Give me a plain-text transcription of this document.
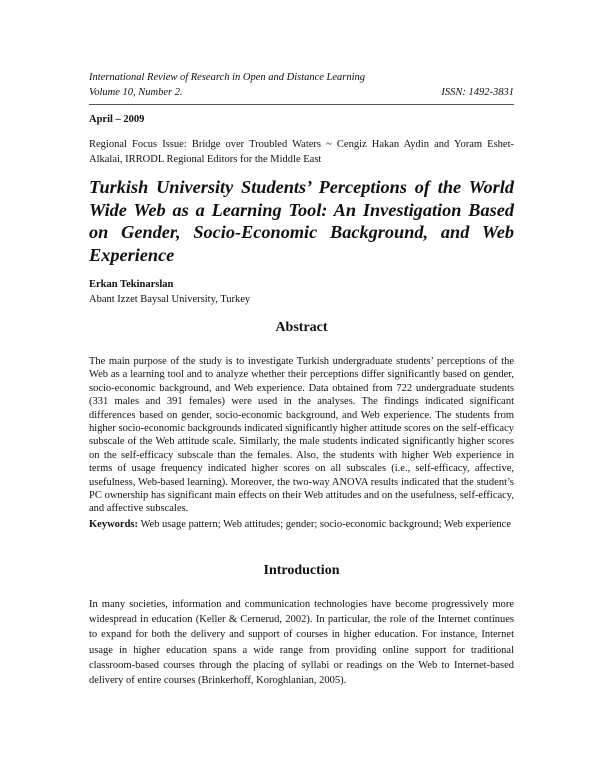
International Review of Research in Open and Distance Learning
Volume 10, Number 2.	ISSN: 1492-3831
April – 2009
Regional Focus Issue: Bridge over Troubled Waters ~ Cengiz Hakan Aydin and Yoram Eshet-Alkalai, IRRODL Regional Editors for the Middle East
Turkish University Students’ Perceptions of the World Wide Web as a Learning Tool: An Investigation Based on Gender, Socio-Economic Background, and Web Experience
Erkan Tekinarslan
Abant Izzet Baysal University, Turkey
Abstract

The main purpose of the study is to investigate Turkish undergraduate students’ perceptions of the Web as a learning tool and to analyze whether their perceptions differ significantly based on gender, socio-economic background, and Web experience. Data obtained from 722 undergraduate students (331 males and 391 females) were used in the analyses. The findings indicated significant differences based on gender, socio-economic background, and Web experience. The students from higher socio-economic backgrounds indicated significantly higher attitude scores on the self-efficacy subscale of the Web attitude scale. Similarly, the male students indicated significantly higher scores on the self-efficacy subscale than the females. Also, the students with higher Web experience in terms of usage frequency indicated higher scores on all subscales (i.e., self-efficacy, affective, usefulness, Web-based learning). Moreover, the two-way ANOVA results indicated that the student’s PC ownership has significant main effects on their Web attitudes and on the usefulness, self-efficacy, and affective subscales.

Keywords: Web usage pattern; Web attitudes; gender; socio-economic background; Web experience

Introduction

In many societies, information and communication technologies have become progressively more widespread in education (Keller & Cernerud, 2002). In particular, the role of the Internet continues to expand for both the delivery and support of courses in higher education. For instance, Internet usage in higher education spans a wide range from providing online support for traditional classroom-based courses through the placing of syllabi or readings on the Web to Internet-based delivery of entire courses (Brinkerhoff, Koroghlanian, 2005).
